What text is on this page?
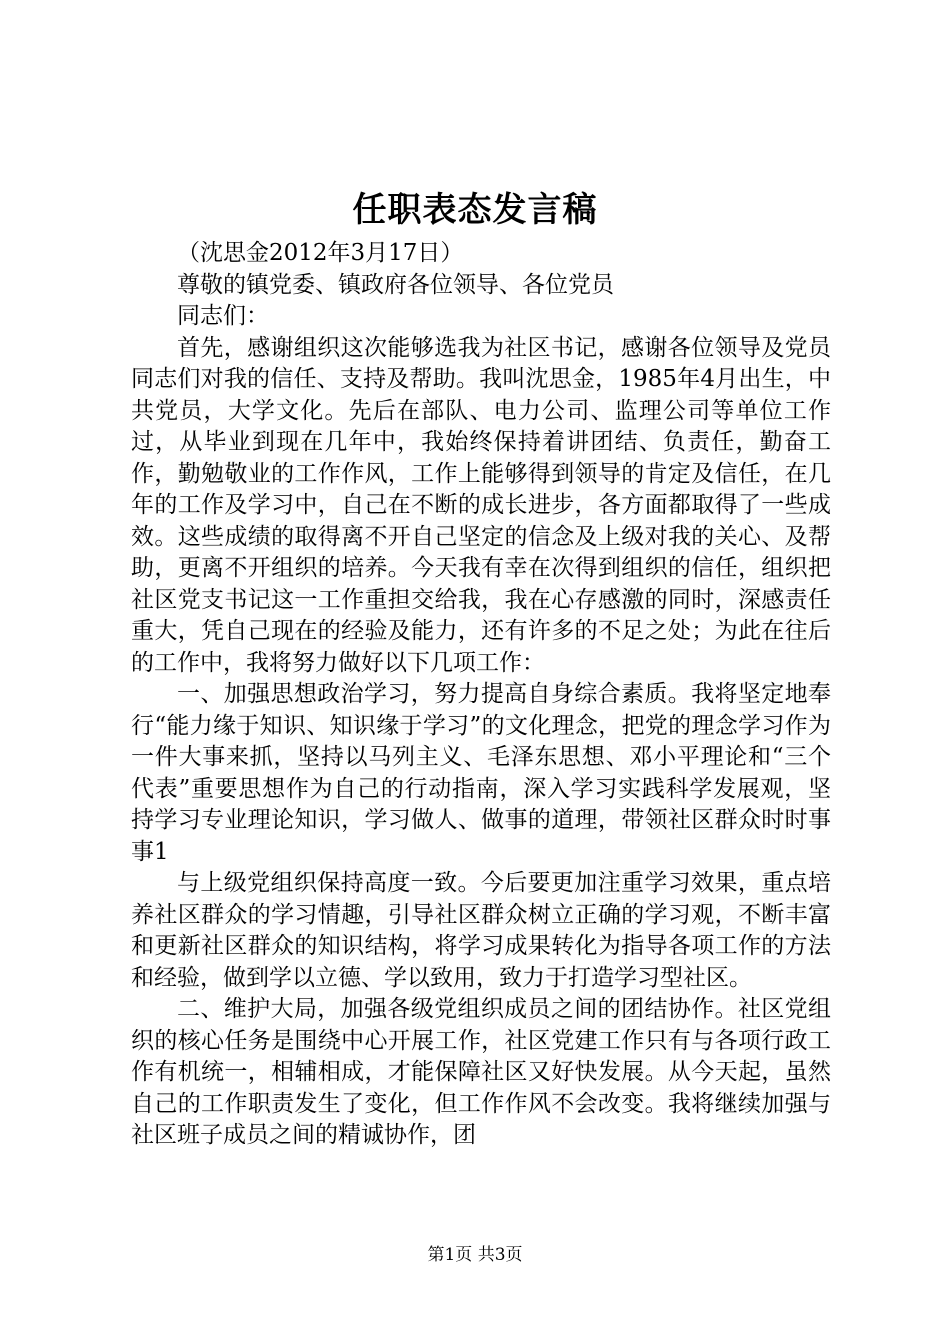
任职表态发言稿

（沈思金2012年3月17日）

尊敬的镇党委、镇政府各位领导、各位党员

同志们：

首先，感谢组织这次能够选我为社区书记，感谢各位领导及党员同志们对我的信任、支持及帮助。我叫沈思金，1985年4月出生，中共党员，大学文化。先后在部队、电力公司、监理公司等单位工作过，从毕业到现在几年中，我始终保持着讲团结、负责任，勤奋工作，勤勉敬业的工作作风，工作上能够得到领导的肯定及信任，在几年的工作及学习中，自己在不断的成长进步，各方面都取得了一些成效。这些成绩的取得离不开自己坚定的信念及上级对我的关心、及帮助，更离不开组织的培养。今天我有幸在次得到组织的信任，组织把社区党支书记这一工作重担交给我，我在心存感激的同时，深感责任重大，凭自己现在的经验及能力，还有许多的不足之处；为此在往后的工作中，我将努力做好以下几项工作：

一、加强思想政治学习，努力提高自身综合素质。我将坚定地奉行“能力缘于知识、知识缘于学习”的文化理念，把党的理念学习作为一件大事来抓，坚持以马列主义、毛泽东思想、邓小平理论和“三个代表”重要思想作为自己的行动指南，深入学习实践科学发展观，坚持学习专业理论知识，学习做人、做事的道理，带领社区群众时时事事1

与上级党组织保持高度一致。今后要更加注重学习效果，重点培养社区群众的学习情趣，引导社区群众树立正确的学习观，不断丰富和更新社区群众的知识结构，将学习成果转化为指导各项工作的方法和经验，做到学以立德、学以致用，致力于打造学习型社区。

二、维护大局，加强各级党组织成员之间的团结协作。社区党组织的核心任务是围绕中心开展工作，社区党建工作只有与各项行政工作有机统一，相辅相成，才能保障社区又好快发展。从今天起，虽然自己的工作职责发生了变化，但工作作风不会改变。我将继续加强与社区班子成员之间的精诚协作，团

第1页 共3页
